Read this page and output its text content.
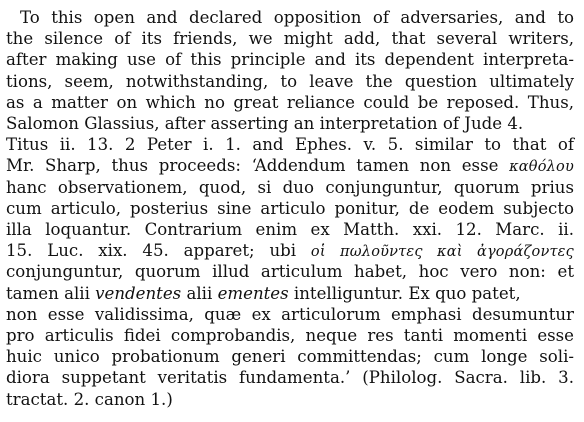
To this open and declared opposition of adversaries, and to
the silence of its friends, we might add, that several writers,
after making use of this principle and its dependent interpreta-
tions, seem, notwithstanding, to leave the question ultimately
as a matter on which no great reliance could be reposed. Thus,
Salomon Glassius, after asserting an interpretation of Jude 4.
Titus ii. 13. 2 Peter i. 1. and Ephes. v. 5. similar to that of
Mr. Sharp, thus proceeds: ‘Addendum tamen non esse καθόλου
hanc observationem, quod, si duo conjunguntur, quorum prius
cum articulo, posterius sine articulo ponitur, de eodem subjecto
illa loquantur. Contrarium enim ex Matth. xxi. 12. Marc. ii.
15. Luc. xix. 45. apparet; ubi οἱ πωλοῦντες καὶ ἀγοράζοντες
conjunguntur, quorum illud articulum habet, hoc vero non: et
tamen alii vendentes alii ementes intelliguntur. Ex quo patet,
non esse validissima, quæ ex articulorum emphasi desumuntur
pro articulis fidei comprobandis, neque res tanti momenti esse
huic unico probationum generi committendas; cum longe soli-
diora suppetant veritatis fundamenta.’ (Philolog. Sacra. lib. 3.
tractat. 2. canon 1.)
